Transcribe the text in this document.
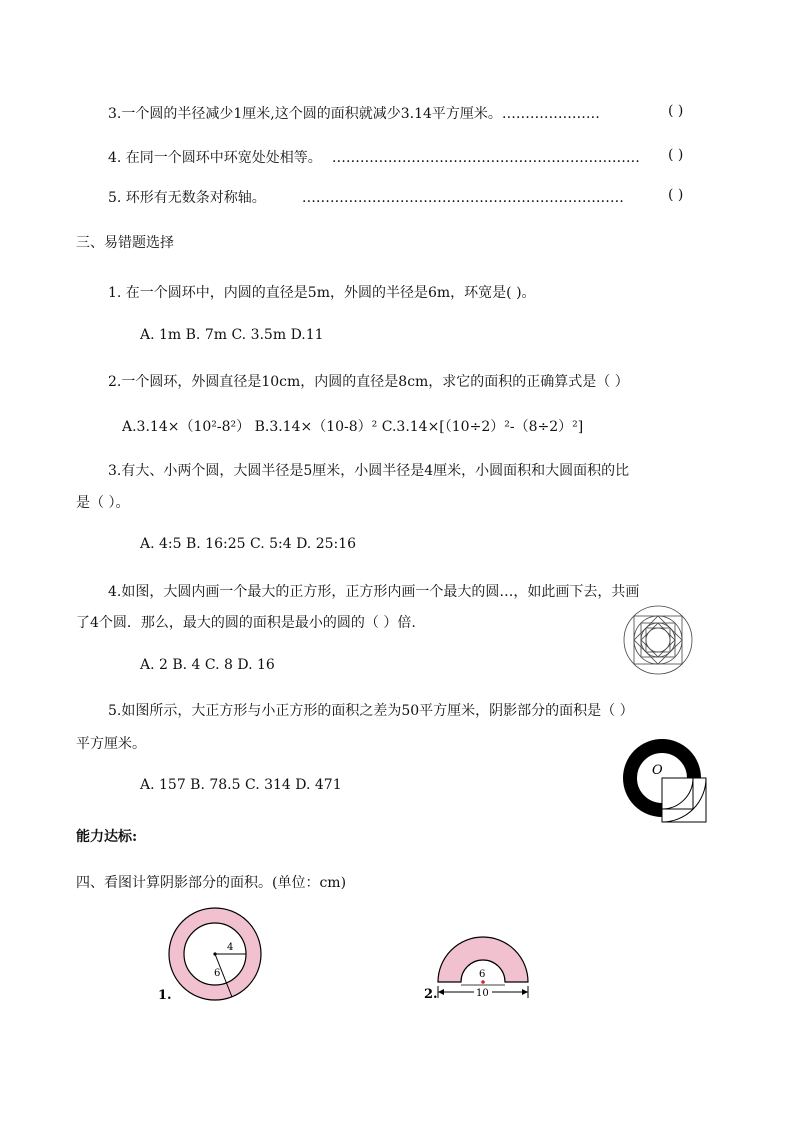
3.一个圆的半径减少1厘米,这个圆的面积就减少3.14平方厘米。…………………	( )
4. 在同一个圆环中环宽处处相等。 ………………………………………………………… ( )
5. 环形有无数条对称轴。	……………………………………………………………	( )
三、易错题选择
1. 在一个圆环中，内圆的直径是5m，外圆的半径是6m，环宽是( )。
A. 1m B. 7m C. 3.5m D.11
2.一个圆环，外圆直径是10cm，内圆的直径是8cm，求它的面积的正确算式是（ ）
A.3.14×（10²-8²） B.3.14×（10-8）² C.3.14×[（10÷2）²-（8÷2）²]
3.有大、小两个圆，大圆半径是5厘米，小圆半径是4厘米，小圆面积和大圆面积的比
是（ ）。
A. 4:5 B. 16:25 C. 5:4 D. 25:16
4.如图，大圆内画一个最大的正方形，正方形内画一个最大的圆…，如此画下去，共画
了4个圆．那么，最大的圆的面积是最小的圆的（ ）倍.
A. 2 B. 4 C. 8 D. 16
5.如图所示，大正方形与小正方形的面积之差为50平方厘米，阴影部分的面积是（ ）
平方厘米。
A. 157 B. 78.5 C. 314 D. 471
O
能力达标:
四、看图计算阴影部分的面积。(单位：cm)
4
6
1.
6
10
2.
